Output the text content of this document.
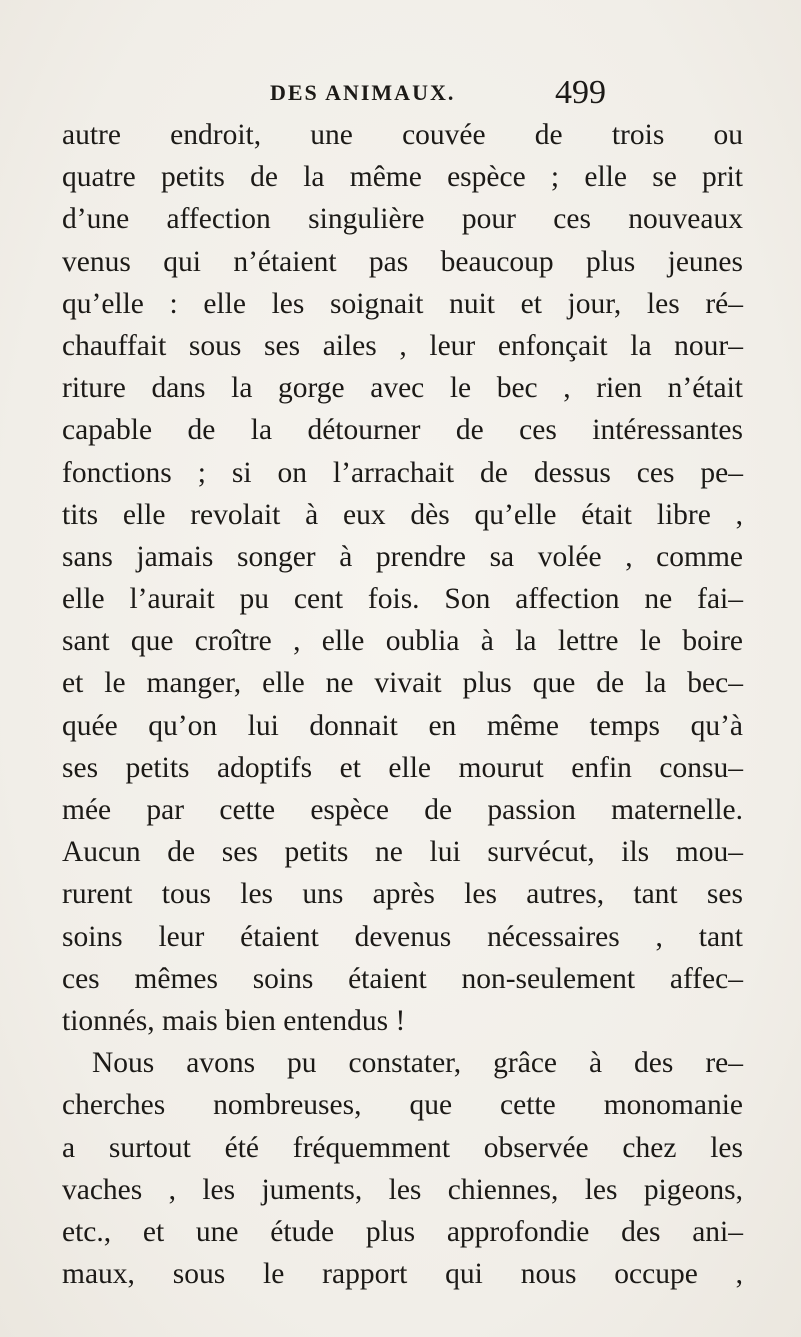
DES ANIMAUX.	499
autre endroit, une couvée de trois ou
quatre petits de la même espèce ; elle se prit
d’une affection singulière pour ces nouveaux
venus qui n’étaient pas beaucoup plus jeunes
qu’elle : elle les soignait nuit et jour, les ré–
chauffait sous ses ailes , leur enfonçait la nour–
riture dans la gorge avec le bec , rien n’était
capable de la détourner de ces intéressantes
fonctions ; si on l’arrachait de dessus ces pe–
tits elle revolait à eux dès qu’elle était libre ,
sans jamais songer à prendre sa volée , comme
elle l’aurait pu cent fois. Son affection ne fai–
sant que croître , elle oublia à la lettre le boire
et le manger, elle ne vivait plus que de la bec–
quée qu’on lui donnait en même temps qu’à
ses petits adoptifs et elle mourut enfin consu–
mée par cette espèce de passion maternelle.
Aucun de ses petits ne lui survécut, ils mou–
rurent tous les uns après les autres, tant ses
soins leur étaient devenus nécessaires , tant
ces mêmes soins étaient non-seulement affec–
tionnés, mais bien entendus !
Nous avons pu constater, grâce à des re–
cherches nombreuses, que cette monomanie
a surtout été fréquemment observée chez les
vaches , les juments, les chiennes, les pigeons,
etc., et une étude plus approfondie des ani–
maux, sous le rapport qui nous occupe ,
